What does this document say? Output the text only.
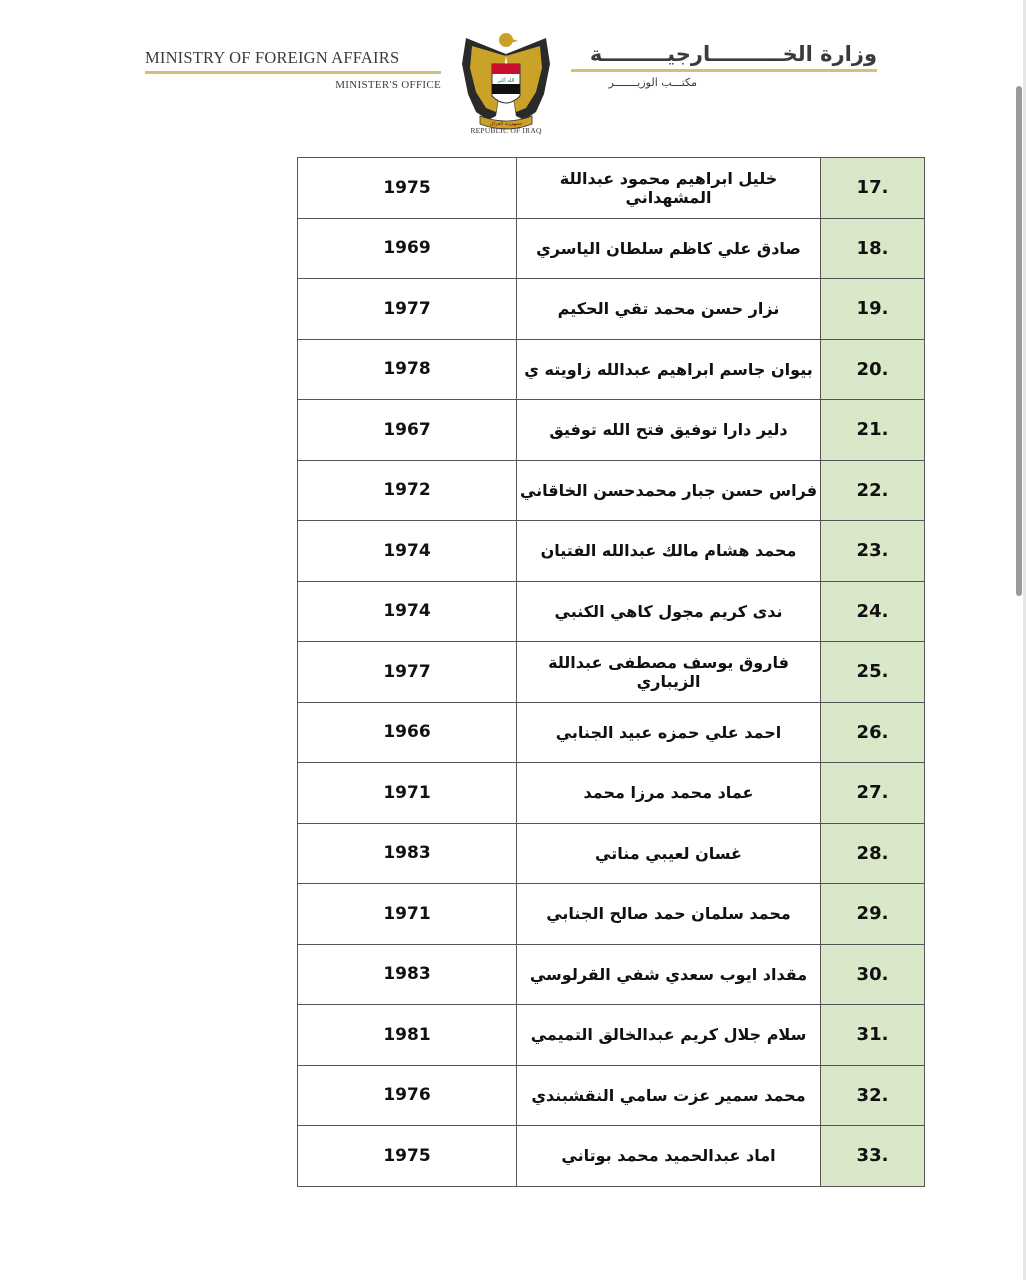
MINISTRY OF FOREIGN AFFAIRS
MINISTER'S OFFICE	الله أكبر
جمهورية العراق
REPUBLIC OF IRAQ
وزارة الخــــــــــارجيـــــــــة
مكتـــب الوزيـــــــر
1975	خليل ابراهيم محمود عبداللة المشهداني	17.
1969	صادق علي كاظم سلطان الياسري	18.
1977	نزار حسن محمد تقي الحكيم	19.
1978	بيوان جاسم ابراهيم عبدالله زاويته ي	20.
1967	دلير دارا توفيق فتح الله توفيق	21.
1972	فراس حسن جبار محمدحسن الخاقاني	22.
1974	محمد هشام مالك عبدالله الفتيان	23.
1974	ندى كريم مجول كاهي الكنبي	24.
1977	فاروق يوسف مصطفى عبداللة الزيباري	25.
1966	احمد علي حمزه عبيد الجنابي	26.
1971	عماد محمد مرزا محمد	27.
1983	غسان لعيبي مناتي	28.
1971	محمد سلمان حمد صالح الجنابي	29.
1983	مقداد ايوب سعدي شفي القرلوسي	30.
1981	سلام جلال كريم عبدالخالق التميمي	31.
1976	محمد سمير عزت سامي النقشبندي	32.
1975	اماد عبدالحميد محمد بوتاني	33.
